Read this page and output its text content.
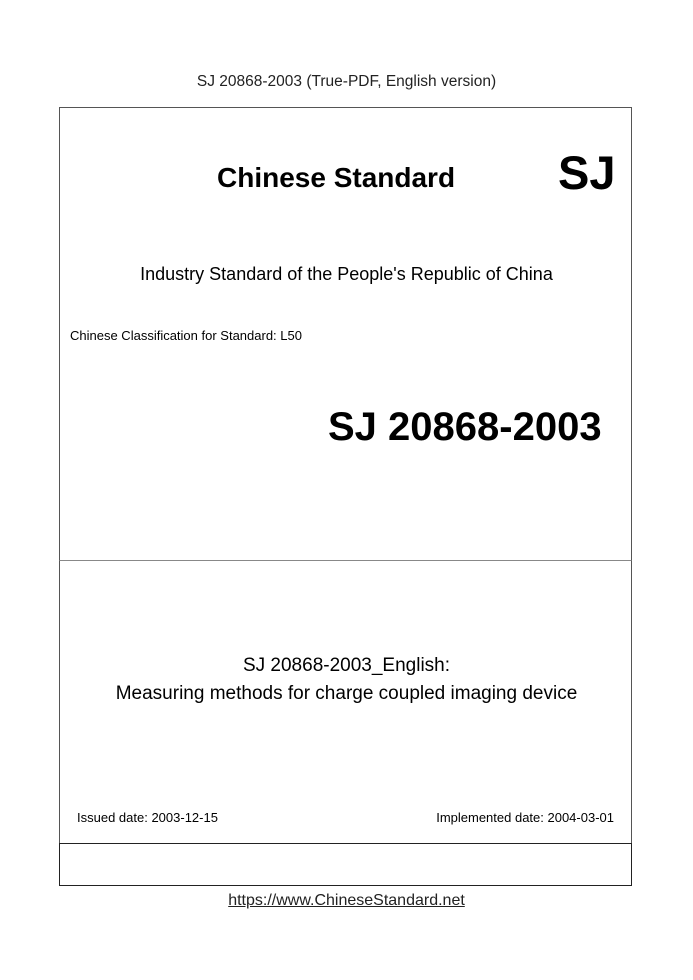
SJ 20868-2003 (True-PDF, English version)
Chinese Standard SJ
Industry Standard of the People's Republic of China
Chinese Classification for Standard: L50
SJ 20868-2003
SJ 20868-2003_English:
Measuring methods for charge coupled imaging device
Issued date: 2003-12-15	Implemented date: 2004-03-01
https://www.ChineseStandard.net
